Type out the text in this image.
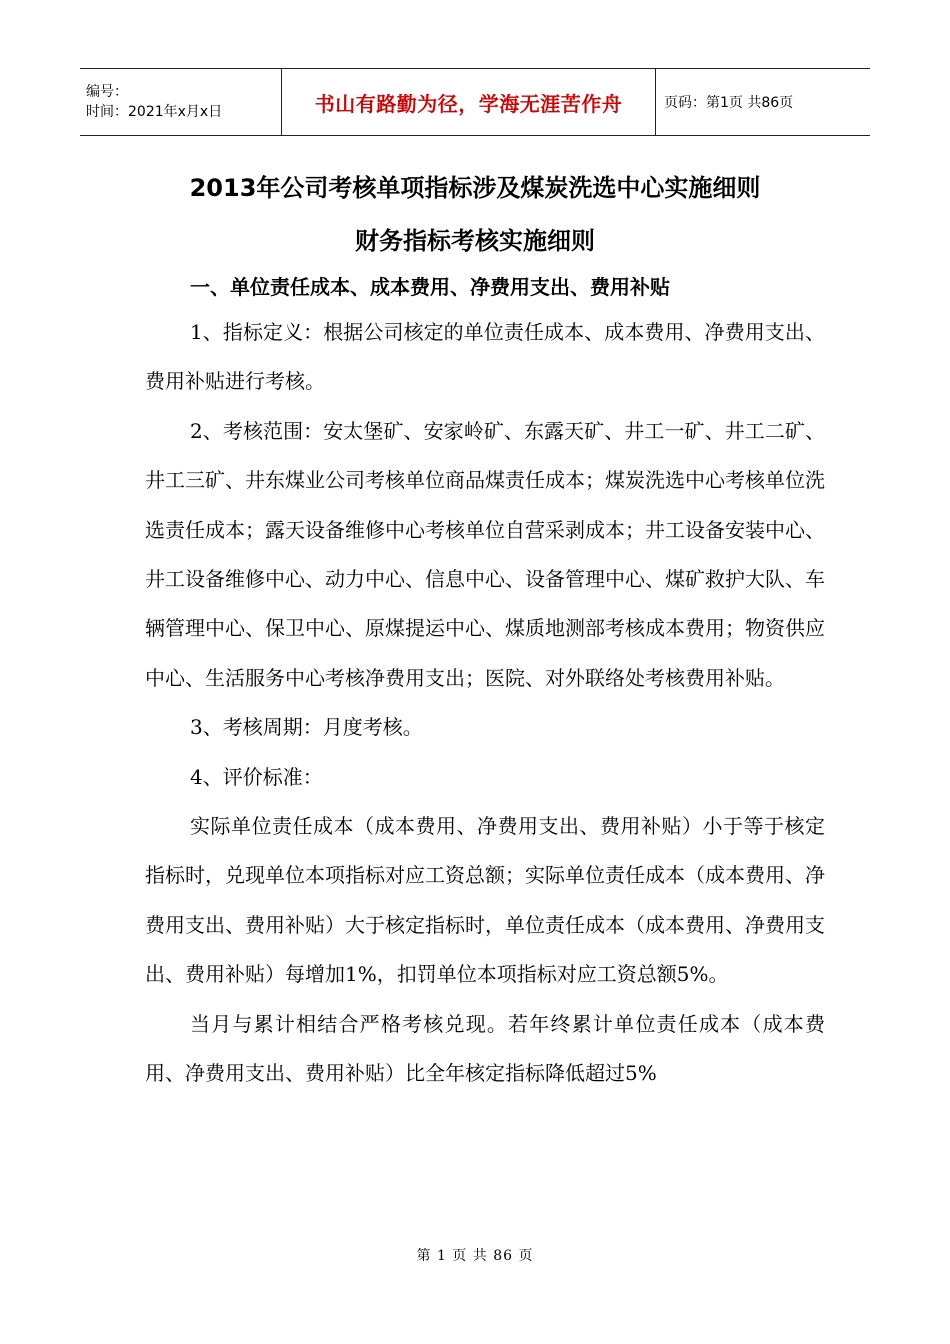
编号：
时间：2021年x月x日	书山有路勤为径，学海无涯苦作舟	页码：第1页 共86页
2013年公司考核单项指标涉及煤炭洗选中心实施细则
财务指标考核实施细则
一、单位责任成本、成本费用、净费用支出、费用补贴

1、指标定义：根据公司核定的单位责任成本、成本费用、净费用支出、费用补贴进行考核。

2、考核范围：安太堡矿、安家岭矿、东露天矿、井工一矿、井工二矿、井工三矿、井东煤业公司考核单位商品煤责任成本；煤炭洗选中心考核单位洗选责任成本；露天设备维修中心考核单位自营采剥成本；井工设备安装中心、井工设备维修中心、动力中心、信息中心、设备管理中心、煤矿救护大队、车辆管理中心、保卫中心、原煤提运中心、煤质地测部考核成本费用；物资供应中心、生活服务中心考核净费用支出；医院、对外联络处考核费用补贴。

3、考核周期：月度考核。

4、评价标准：

实际单位责任成本（成本费用、净费用支出、费用补贴）小于等于核定指标时，兑现单位本项指标对应工资总额；实际单位责任成本（成本费用、净费用支出、费用补贴）大于核定指标时，单位责任成本（成本费用、净费用支出、费用补贴）每增加1%，扣罚单位本项指标对应工资总额5%。

当月与累计相结合严格考核兑现。若年终累计单位责任成本（成本费用、净费用支出、费用补贴）比全年核定指标降低超过5%

第 1 页 共 86 页
